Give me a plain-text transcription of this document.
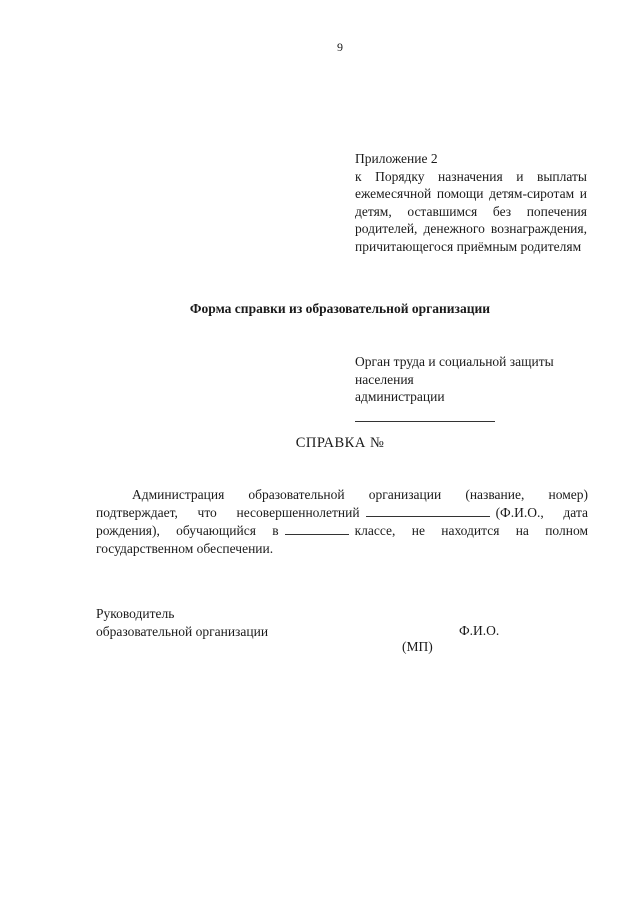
9
Приложение 2
к Порядку назначения и выплаты ежемесячной помощи детям-сиротам и детям, оставшимся без попечения родителей, денежного вознаграждения, причитающегося приёмным родителям
Форма справки из образовательной организации
Орган труда и социальной защиты
населения
администрации
СПРАВКА №
Администрация образовательной организации (название, номер) подтверждает, что несовершеннолетний	(Ф.И.О., дата рождения), обучающийся в	классе, не находится на полном государственном обеспечении.
Руководитель
образовательной организации	Ф.И.О.
(МП)
